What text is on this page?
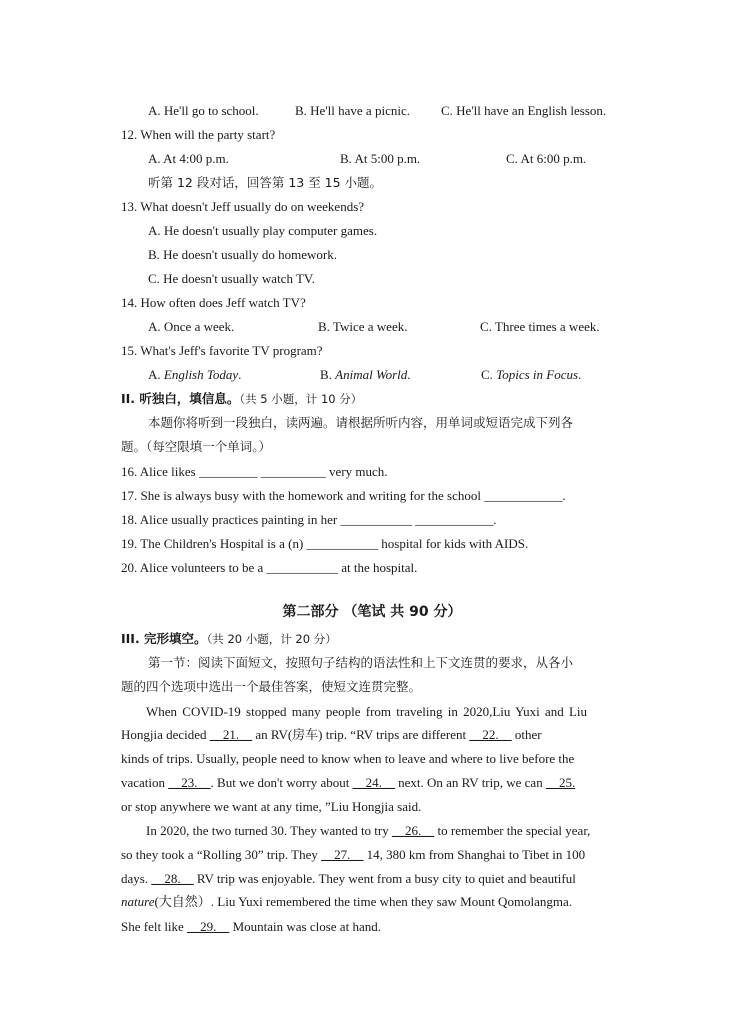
A. He'll go to school.	B. He'll have a picnic. C. He'll have an English lesson.
12. When will the party start?
A. At 4:00 p.m.	B. At 5:00 p.m.	C. At 6:00 p.m.
听第 12 段对话，回答第 13 至 15 小题。
13. What doesn't Jeff usually do on weekends?
A. He doesn't usually play computer games.
B. He doesn't usually do homework.
C. He doesn't usually watch TV.
14. How often does Jeff watch TV?
A. Once a week.	B. Twice a week.	C. Three times a week.
15. What's Jeff's favorite TV program?
A. English Today.	B. Animal World.	C. Topics in Focus.
II. 听独白，填信息。（共 5 小题，计 10 分）
本题你将听到一段独白，读两遍。请根据所听内容，用单词或短语完成下列各
题。（每空限填一个单词。）
16. Alice likes _________ __________ very much.
17. She is always busy with the homework and writing for the school ____________.
18. Alice usually practices painting in her ___________ ____________.
19. The Children's Hospital is a (n) ___________ hospital for kids with AIDS.
20. Alice volunteers to be a ___________ at the hospital.
第二部分 （笔试 共 90 分）
III. 完形填空。（共 20 小题，计 20 分）
第一节：阅读下面短文，按照句子结构的语法性和上下文连贯的要求，从各小
题的四个选项中选出一个最佳答案，使短文连贯完整。
When COVID-19 stopped many people from traveling in 2020,Liu Yuxi and Liu
Hongjia decided __21.__ an RV(房车) trip. “RV trips are different __22.__ other
kinds of trips. Usually, people need to know when to leave and where to live before the
vacation __23.__. But we don't worry about __24.__ next. On an RV trip, we can __25.
or stop anywhere we want at any time, ”Liu Hongjia said.
In 2020, the two turned 30. They wanted to try __26.__ to remember the special year,
so they took a “Rolling 30” trip. They __27.__ 14, 380 km from Shanghai to Tibet in 100
days. __28.__ RV trip was enjoyable. They went from a busy city to quiet and beautiful
nature(大自然）. Liu Yuxi remembered the time when they saw Mount Qomolangma.
She felt like __29.__ Mountain was close at hand.
